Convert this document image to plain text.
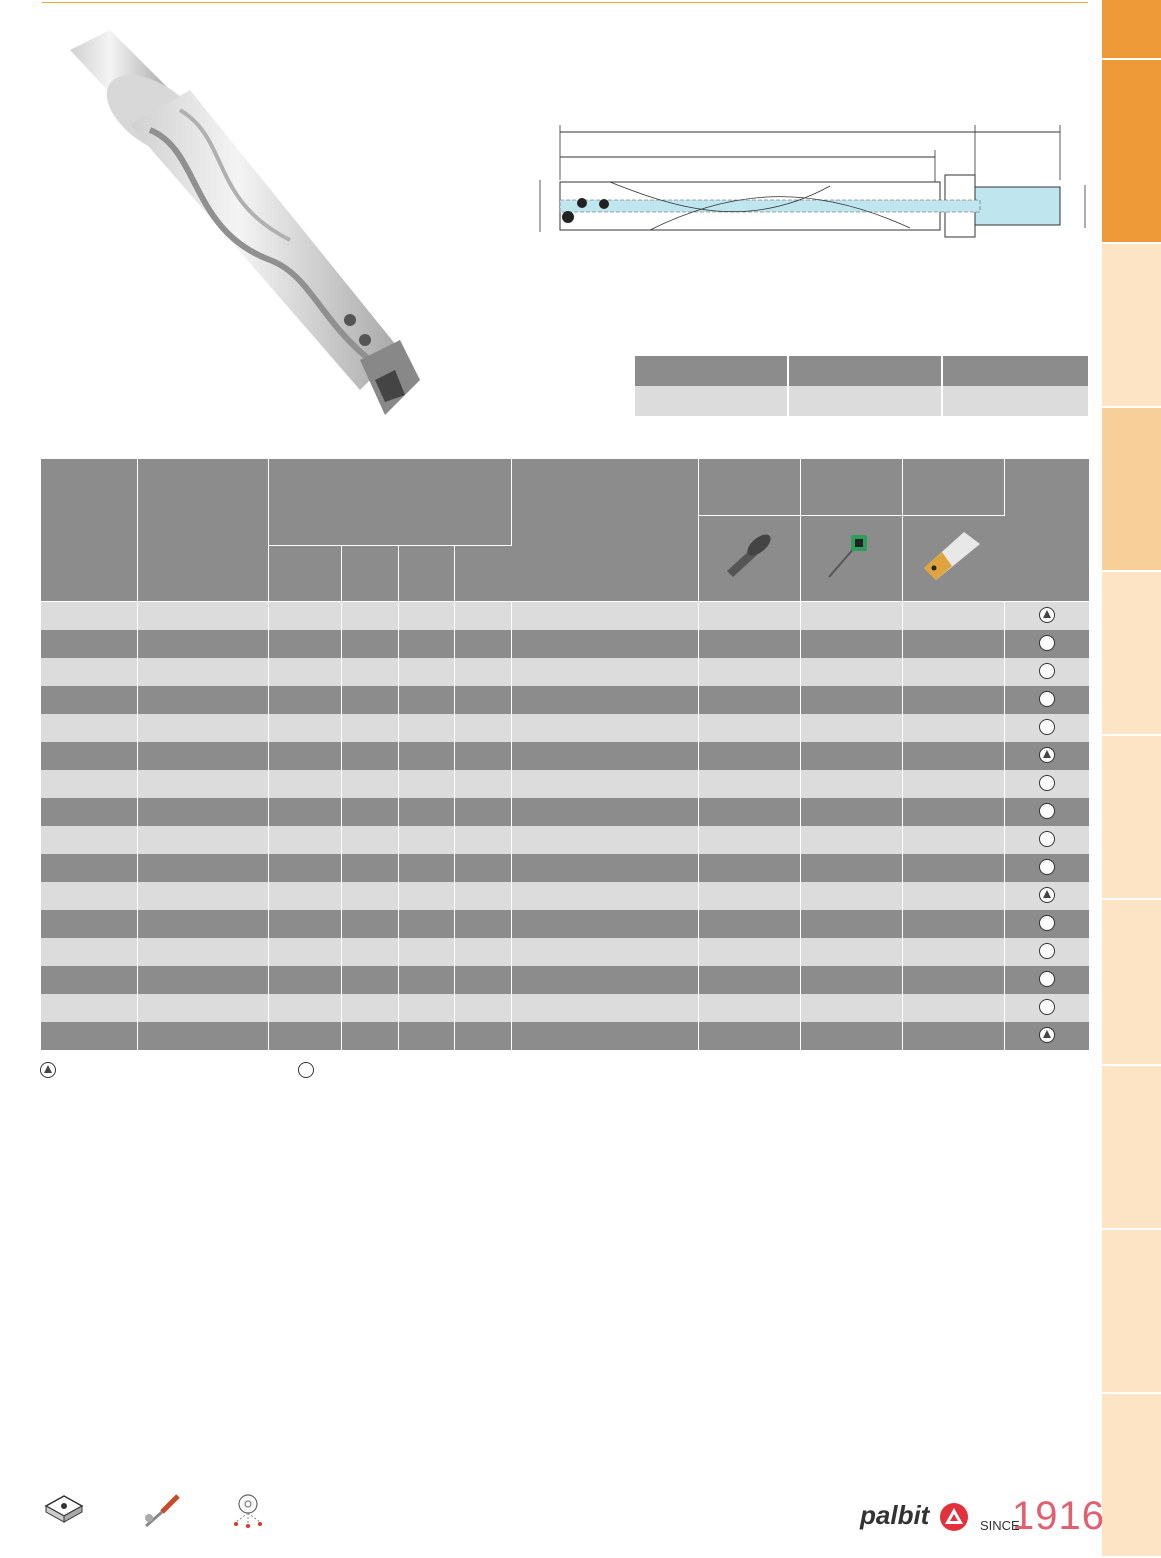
palbit	SINCE
1916
